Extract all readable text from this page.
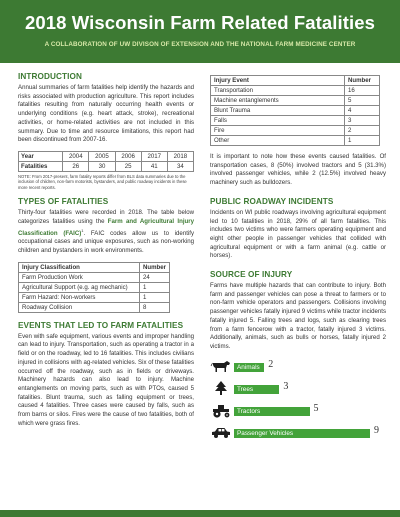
2018 Wisconsin Farm Related Fatalities
A COLLABORATION OF UW DIVISON OF EXTENSION AND THE NATIONAL FARM MEDICINE CENTER
INTRODUCTION

Annual summaries of farm fatalities help identify the hazards and risks associated with production agriculture. This report includes fatalities resulting from naturally occurring health events or underlying conditions (e.g. heart attack, stroke), recreational activities, or home-related activities are not included in this summary. Due to time and resource limitations, this report had been discontinued from 2007-16.

Year	2004	2005	2006	2017	2018
Fatalities	26	30	25	41	34
NOTE: From 2017-present, farm fatality reports differ from BLS data summaries due to the inclusion of children, non-farm motorists, bystanders, and public roadway incidents in these more recent reports.
TYPES OF FATALITIES

Thirty-four fatalities were recorded in 2018. The table below categorizes fatalities using the Farm and Agricultural Injury Classification (FAIC)$^1$. FAIC codes allow us to identify occupational cases and unique exposures, such as non-working children and bystanders in work environments.

Injury Classification	Number
Farm Production Work	24
Agricultural Support (e.g. ag mechanic)	1
Farm Hazard: Non-workers	1
Roadway Collision	8
EVENTS THAT LED TO FARM FATALITIES

Even with safe equipment, various events and improper handling can lead to injury. Transportation, such as operating a tractor in a field or on the roadway, led to 16 fatalities. This includes civilians injured in collisions with ag-related vehicles. Six of these fatalities occurred off the roadway, such as in fields or driveways. Machinery hazards can also lead to injury. Machine entanglements on moving parts, such as with PTOs, caused 5 fatalities. Blunt trauma, such as falling equipment or trees, caused 4 fatalities. Three cases were caused by falls, such as from barns or silos. Fires were the cause of two fatalities, both of which were grass fires.

Injury Event	Number
Transportation	16
Machine entanglements	5
Blunt Trauma	4
Falls	3
Fire	2
Other	1

It is important to note how these events caused fatalities. Of transportation cases, 8 (50%) involved tractors and 5 (31.3%) involved passenger vehicles, while 2 (12.5%) involved heavy machinery such as bulldozers.

PUBLIC ROADWAY INCIDENTS

Incidents on WI public roadways involving agricultural equipment led to 10 fatalities in 2018, 29% of all farm fatalities. This includes two victims who were farmers operating equipment and eight other people in passenger vehicles that collided with agricultural equipment or with a farm animal (e.g. cattle or horses).

SOURCE OF INJURY

Farms have multiple hazards that can contribute to injury. Both farm and passenger vehicles can pose a threat to farmers or to non-farm vehicle operators and passengers. Collisions involving passenger vehicles fatally injured 9 victims while tractor incidents fatally injured 5. Falling trees and logs, such as clearing trees from a farm fencerow with a tractor, fatally injured 3 victims. Additionally, animals, such as bulls or horses, fatally injured 2 victims.

Animals 2
Trees	3
Tractors	5
Passenger Vehicles	9
